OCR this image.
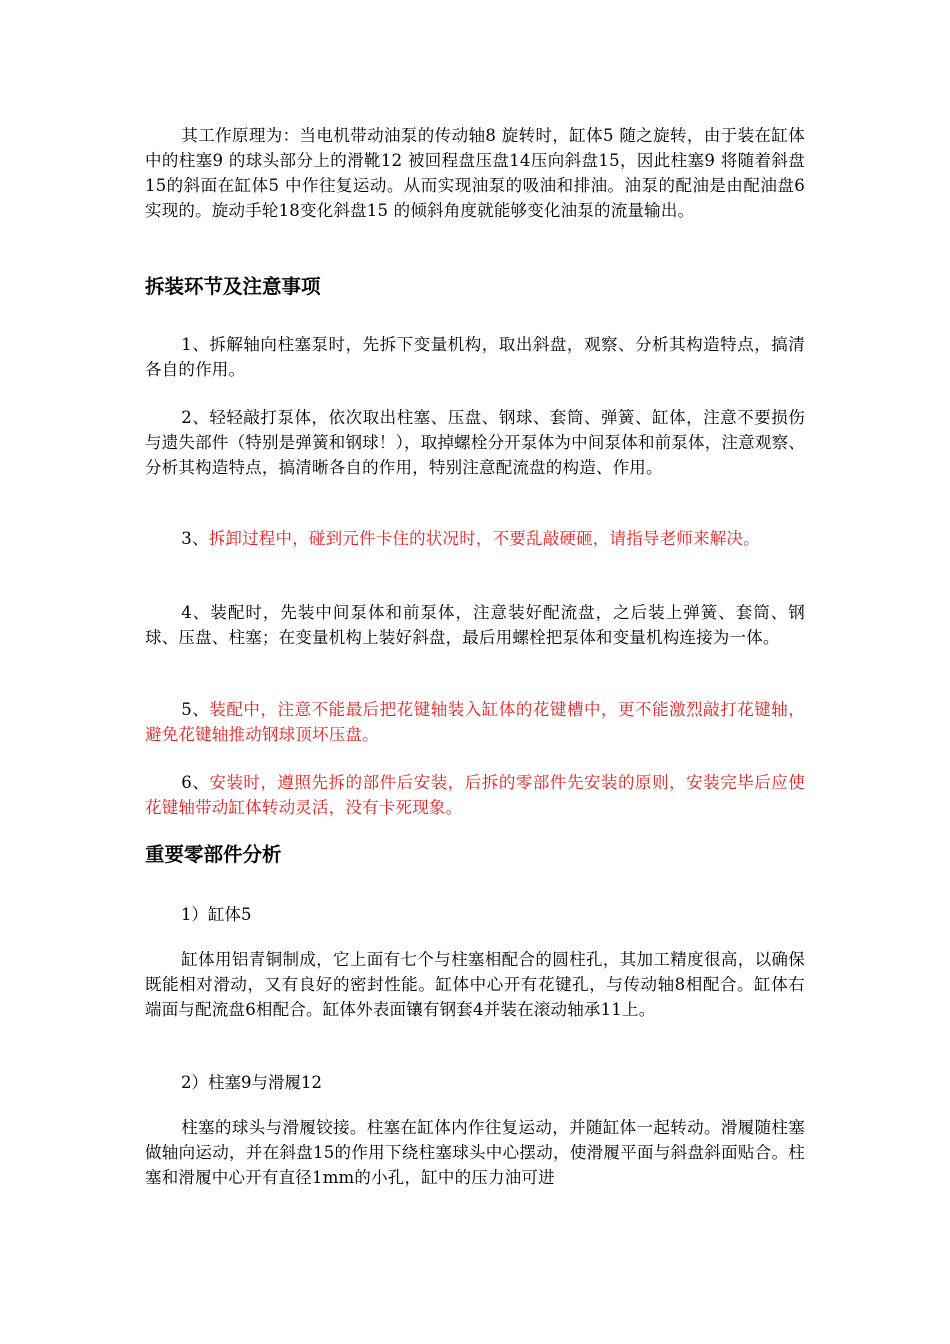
其工作原理为：当电机带动油泵的传动轴8 旋转时，缸体5 随之旋转，由于装在缸体中的柱塞9 的球头部分上的滑靴12 被回程盘压盘14压向斜盘15，因此柱塞9 将随着斜盘15的斜面在缸体5 中作往复运动。从而实现油泵的吸油和排油。油泵的配油是由配油盘6 实现的。旋动手轮18变化斜盘15 的倾斜角度就能够变化油泵的流量输出。

拆装环节及注意事项

1、拆解轴向柱塞泵时，先拆下变量机构，取出斜盘，观察、分析其构造特点，搞清各自的作用。

2、轻轻敲打泵体，依次取出柱塞、压盘、钢球、套筒、弹簧、缸体，注意不要损伤与遗失部件（特别是弹簧和钢球！），取掉螺栓分开泵体为中间泵体和前泵体，注意观察、分析其构造特点，搞清晰各自的作用，特别注意配流盘的构造、作用。

3、拆卸过程中，碰到元件卡住的状况时，不要乱敲硬砸，请指导老师来解决。

4、装配时，先装中间泵体和前泵体，注意装好配流盘，之后装上弹簧、套筒、钢球、压盘、柱塞；在变量机构上装好斜盘，最后用螺栓把泵体和变量机构连接为一体。

5、装配中，注意不能最后把花键轴装入缸体的花键槽中，更不能激烈敲打花键轴，避免花键轴推动钢球顶坏压盘。

6、安装时，遵照先拆的部件后安装，后拆的零部件先安装的原则，安装完毕后应使花键轴带动缸体转动灵活，没有卡死现象。

重要零部件分析
1）缸体5

缸体用铝青铜制成，它上面有七个与柱塞相配合的圆柱孔，其加工精度很高，以确保既能相对滑动，又有良好的密封性能。缸体中心开有花键孔，与传动轴8相配合。缸体右端面与配流盘6相配合。缸体外表面镶有钢套4并装在滚动轴承11上。

2）柱塞9与滑履12

柱塞的球头与滑履铰接。柱塞在缸体内作往复运动，并随缸体一起转动。滑履随柱塞做轴向运动，并在斜盘15的作用下绕柱塞球头中心摆动，使滑履平面与斜盘斜面贴合。柱塞和滑履中心开有直径1mm的小孔，缸中的压力油可进
